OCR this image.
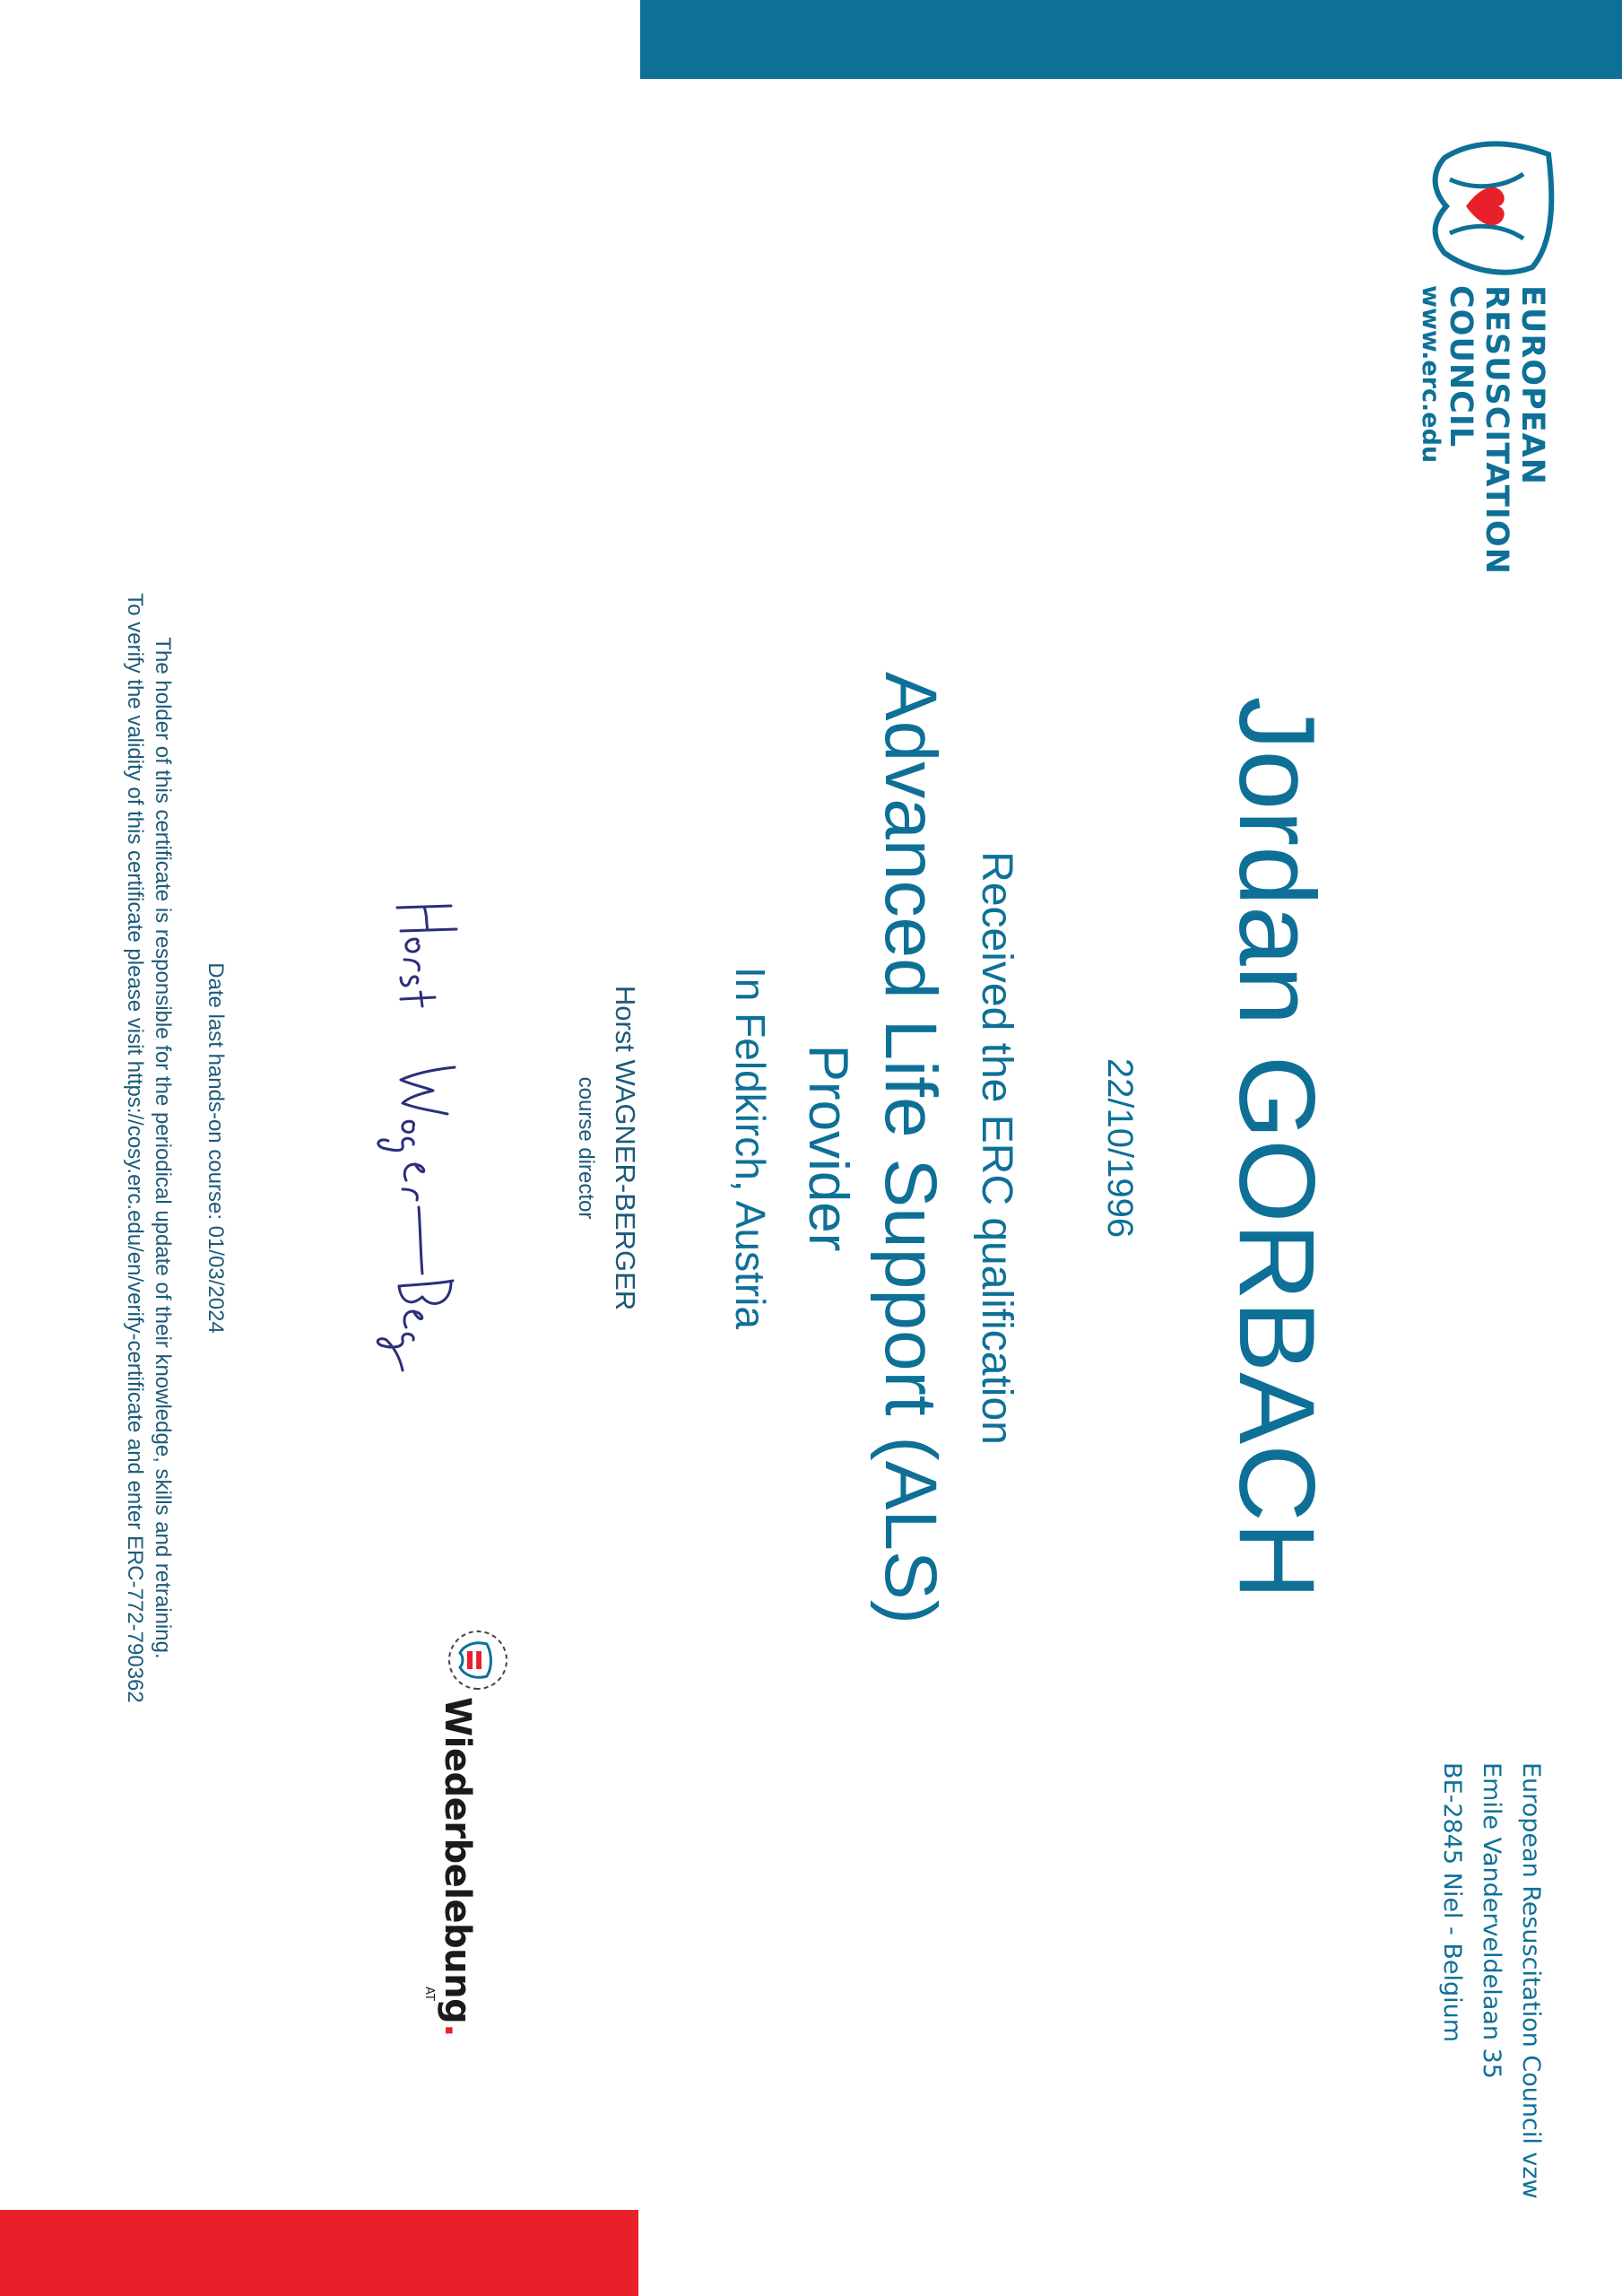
EUROPEAN
RESUSCITATION
COUNCIL
www.erc.edu
European Resuscitation Council vzw
Emile Vanderveldelaan 35
BE-2845 Niel - Belgium
Jordan GORBACH
22/10/1996
Received the ERC qualification
Advanced Life Support (ALS)
Provider
In Feldkirch, Austria
Horst WAGNER-BERGER
course director
Wiederbelebung.
AT
Date last hands-on course: 01/03/2024
The holder of this certificate is responsible for the periodical update of their knowledge, skills and retraining.
To verify the validity of this certificate please visit https://cosy.erc.edu/en/verify-certificate and enter ERC-772-790362
